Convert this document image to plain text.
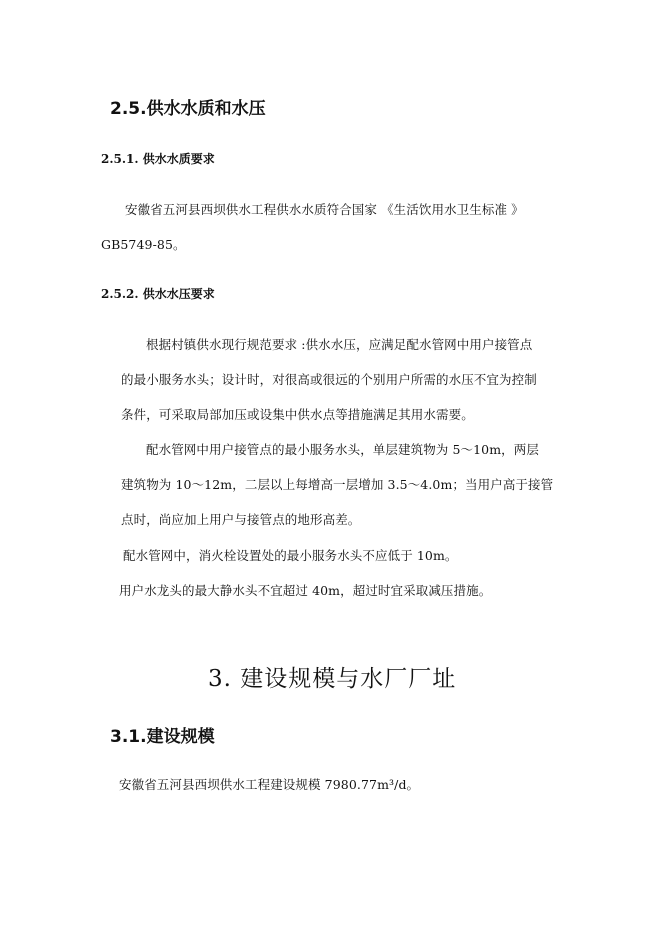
2.5.供水水质和水压
2.5.1. 供水水质要求
安徽省五河县西坝供水工程供水水质符合国家 《生活饮用水卫生标准 》
GB5749-85。
2.5.2. 供水水压要求
根据村镇供水现行规范要求 :供水水压，应满足配水管网中用户接管点
的最小服务水头；设计时，对很高或很远的个别用户所需的水压不宜为控制
条件，可采取局部加压或设集中供水点等措施满足其用水需要。
配水管网中用户接管点的最小服务水头，单层建筑物为 5～10m，两层
建筑物为 10～12m，二层以上每增高一层增加 3.5～4.0m；当用户高于接管
点时，尚应加上用户与接管点的地形高差。
配水管网中，消火栓设置处的最小服务水头不应低于 10m。
用户水龙头的最大静水头不宜超过 40m，超过时宜采取减压措施。
3. 建设规模与水厂厂址
3.1.建设规模
安徽省五河县西坝供水工程建设规模 7980.77m³/d。
